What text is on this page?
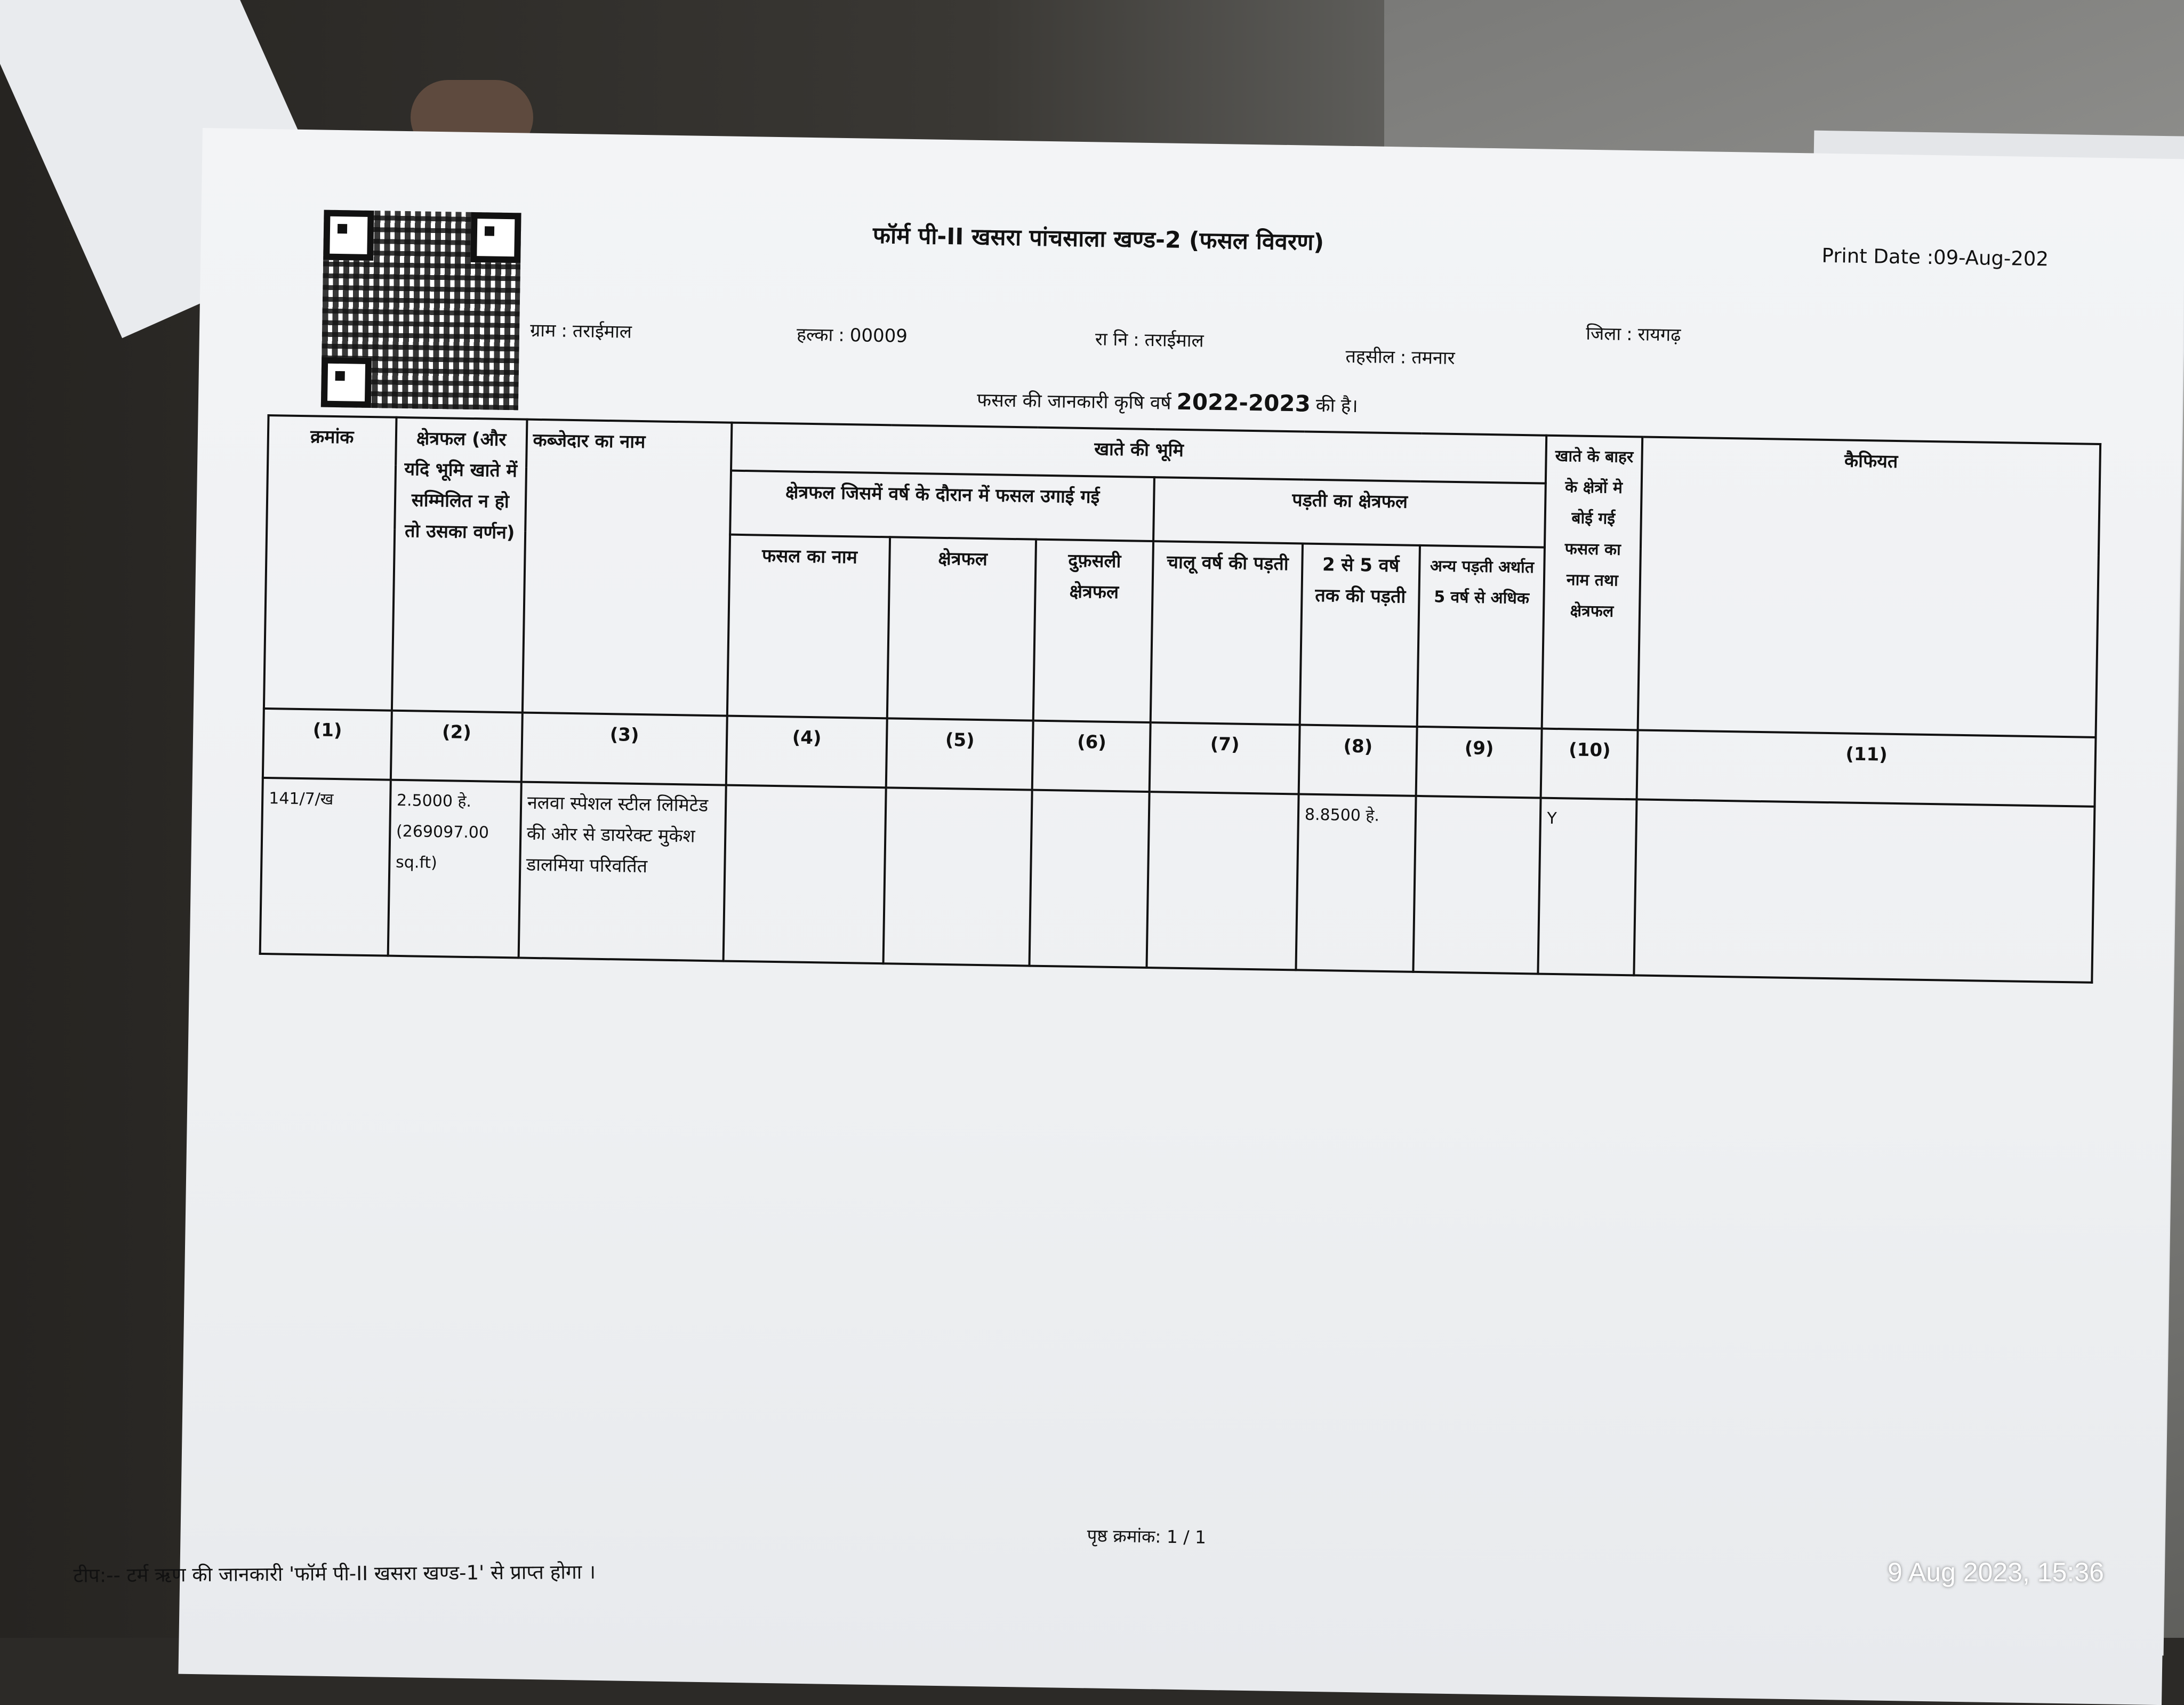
फॉर्म पी-II खसरा पांचसाला खण्ड-2 (फसल विवरण)
Print Date :09-Aug-202
ग्राम : तराईमाल	हल्का : 00009	रा नि : तराईमाल
तहसील : तमनार
जिला : रायगढ़
फसल की जानकारी कृषि वर्ष 2022-2023 की है।
क्रमांक	क्षेत्रफल (और यदि भूमि खाते में सम्मिलित न हो तो उसका वर्णन)	कब्जेदार का नाम	खाते की भूमि						खाते के बाहर के क्षेत्रों मे बोई गई फसल का नाम तथा क्षेत्रफल	कैफियत
			क्षेत्रफल जिसमें वर्ष के दौरान में फसल उगाई गई			पड़ती का क्षेत्रफल				
			फसल का नाम	क्षेत्रफल	दुफ़सली क्षेत्रफल	चालू वर्ष की पड़ती	2 से 5 वर्ष तक की पड़ती	अन्य पड़ती अर्थात 5 वर्ष से अधिक		
(1)	(2)	(3)	(4)	(5)	(6)	(7)	(8)	(9)	(10)	(11)
141/7/ख	2.5000 हे. (269097.00 sq.ft)	नलवा स्पेशल स्टील लिमिटेड की ओर से डायरेक्ट मुकेश डालमिया परिवर्तित					8.8500 हे.		Y	
पृष्ठ क्रमांक: 1 / 1
टीप:-- टर्म ऋण की जानकारी 'फॉर्म पी-II खसरा खण्ड-1' से प्राप्त होगा ।	9 Aug 2023, 15:36
